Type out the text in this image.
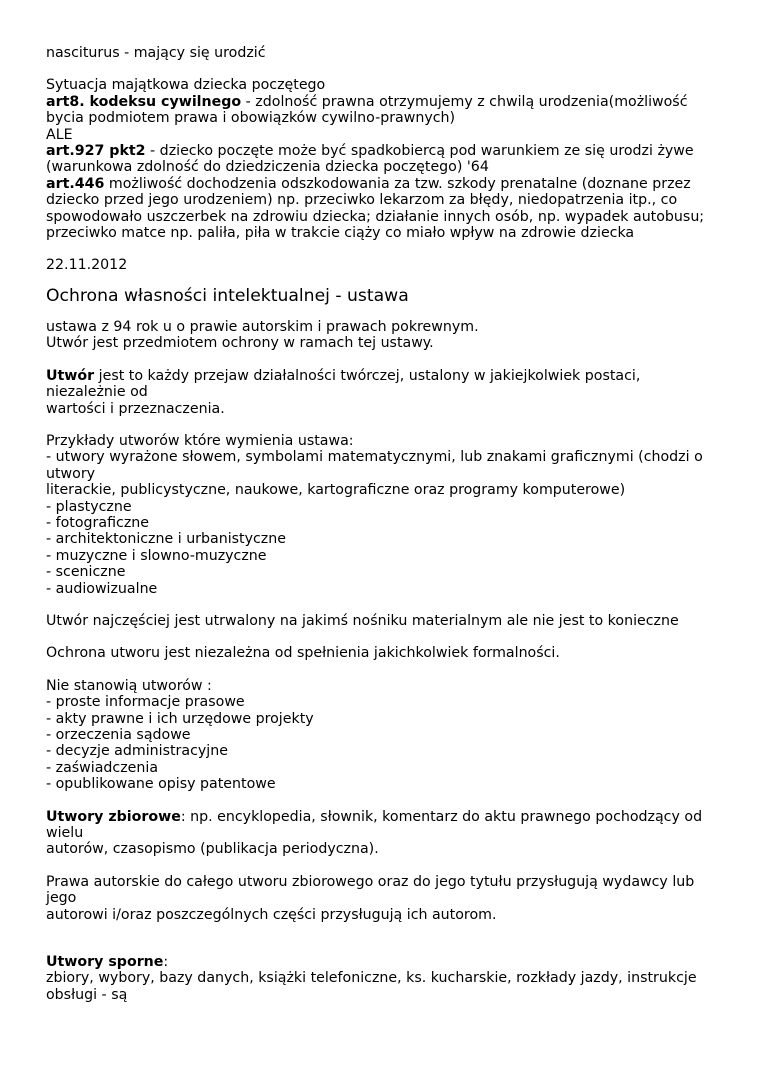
nasciturus - mający się urodzić

Sytuacja majątkowa dziecka poczętego

art8. kodeksu cywilnego - zdolność prawna otrzymujemy z chwilą urodzenia(możliwość

bycia podmiotem prawa i obowiązków cywilno-prawnych)

ALE

art.927 pkt2 - dziecko poczęte może być spadkobiercą pod warunkiem ze się urodzi żywe

(warunkowa zdolność do dziedziczenia dziecka poczętego) '64

art.446 możliwość dochodzenia odszkodowania za tzw. szkody prenatalne (doznane przez

dziecko przed jego urodzeniem) np. przeciwko lekarzom za błędy, niedopatrzenia itp., co

spowodowało uszczerbek na zdrowiu dziecka; działanie innych osób, np. wypadek autobusu;

przeciwko matce np. paliła, piła w trakcie ciąży co miało wpływ na zdrowie dziecka

22.11.2012

Ochrona własności intelektualnej - ustawa

ustawa z 94 rok u o prawie autorskim i prawach pokrewnym.

Utwór jest przedmiotem ochrony w ramach tej ustawy.

Utwór jest to każdy przejaw działalności twórczej, ustalony w jakiejkolwiek postaci,

niezależnie od

wartości i przeznaczenia.

Przykłady utworów które wymienia ustawa:

- utwory wyrażone słowem, symbolami matematycznymi, lub znakami graficznymi (chodzi o

utwory

literackie, publicystyczne, naukowe, kartograficzne oraz programy komputerowe)

- plastyczne

- fotograficzne

- architektoniczne i urbanistyczne

- muzyczne i slowno-muzyczne

- sceniczne

- audiowizualne

Utwór najczęściej jest utrwalony na jakimś nośniku materialnym ale nie jest to konieczne

Ochrona utworu jest niezależna od spełnienia jakichkolwiek formalności.

Nie stanowią utworów :

- proste informacje prasowe

- akty prawne i ich urzędowe projekty

- orzeczenia sądowe

- decyzje administracyjne

- zaświadczenia

- opublikowane opisy patentowe

Utwory zbiorowe: np. encyklopedia, słownik, komentarz do aktu prawnego pochodzący od

wielu

autorów, czasopismo (publikacja periodyczna).

Prawa autorskie do całego utworu zbiorowego oraz do jego tytułu przysługują wydawcy lub

jego

autorowi i/oraz poszczególnych części przysługują ich autorom.

Utwory sporne:

zbiory, wybory, bazy danych, książki telefoniczne, ks. kucharskie, rozkłady jazdy, instrukcje

obsługi - są
